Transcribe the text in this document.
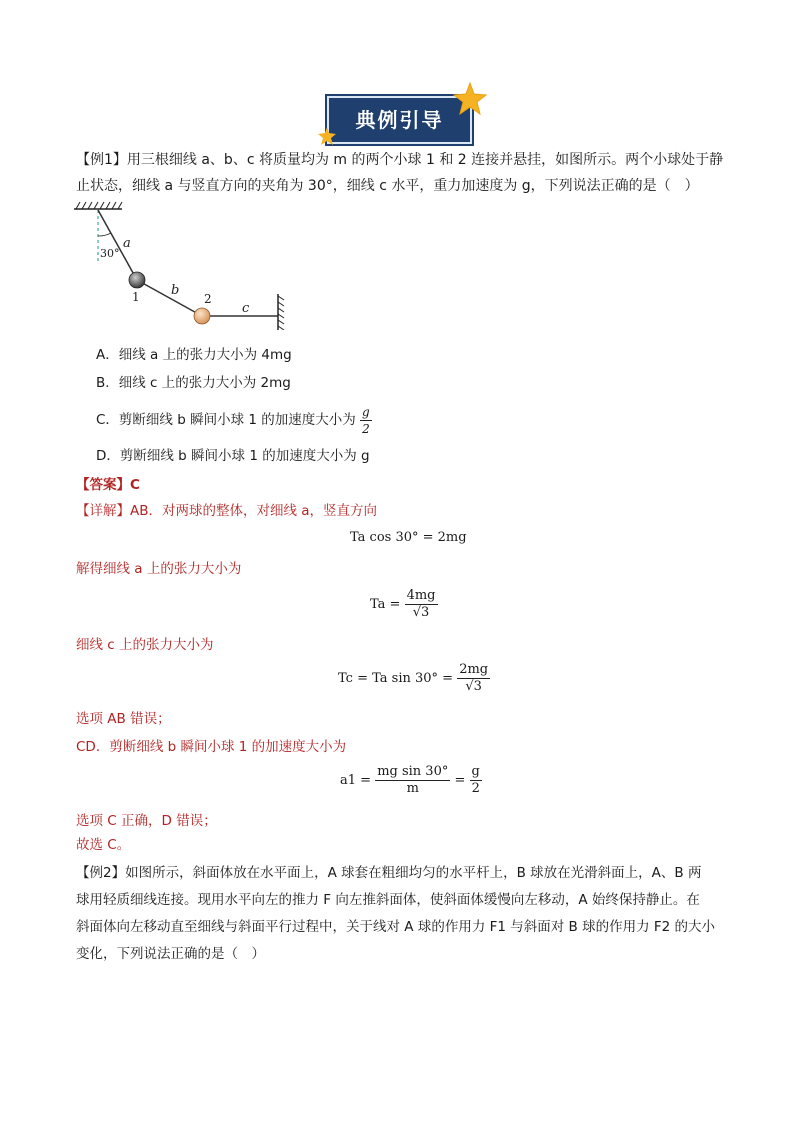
典例引导
【例1】用三根细线 a、b、c 将质量均为 m 的两个小球 1 和 2 连接并悬挂，如图所示。两个小球处于静
止状态，细线 a 与竖直方向的夹角为 30°，细线 c 水平，重力加速度为 g，下列说法正确的是（　）
30°
a
b
c
1	2
A．细线 a 上的张力大小为 4mg
B．细线 c 上的张力大小为 2mg
C．剪断细线 b 瞬间小球 1 的加速度大小为 $\frac{g}{2}$
D．剪断细线 b 瞬间小球 1 的加速度大小为 g
【答案】C
【详解】AB．对两球的整体，对细线 a，竖直方向
Ta cos 30° = 2mg
解得细线 a 上的张力大小为
$Ta = \frac{4mg}{√3}$
细线 c 上的张力大小为
Tc = Ta $\sin 30^\circ = \frac{2mg}{√3}$
选项 AB 错误；
CD．剪断细线 b 瞬间小球 1 的加速度大小为
$a1 = \frac{\text{mg sin 30°}}{m} = \frac{g}{2}$
选项 C 正确，D 错误；
故选 C。
【例2】如图所示，斜面体放在水平面上，A 球套在粗细均匀的水平杆上，B 球放在光滑斜面上，A、B 两
球用轻质细线连接。现用水平向左的推力 F 向左推斜面体，使斜面体缓慢向左移动，A 始终保持静止。在
斜面体向左移动直至细线与斜面平行过程中，关于线对 A 球的作用力 F1 与斜面对 B 球的作用力 F2 的大小
变化，下列说法正确的是（　）
